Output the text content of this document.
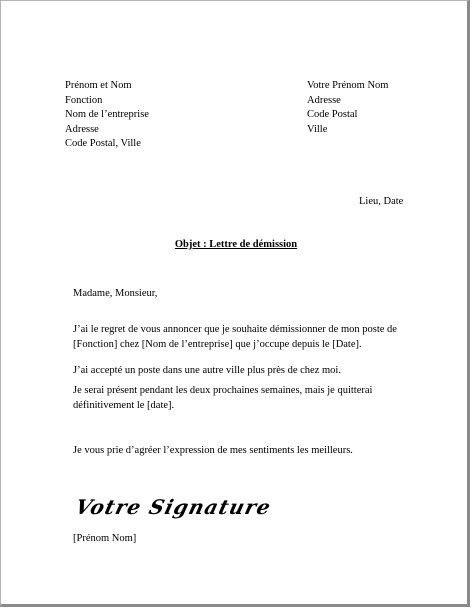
Prénom et Nom
Fonction
Nom de l’entreprise
Adresse
Code Postal, Ville
Votre Prénom Nom
Adresse
Code Postal
Ville
Lieu, Date
Objet : Lettre de démission
Madame, Monsieur,
J’ai le regret de vous annoncer que je souhaite démissionner de mon poste de
[Fonction] chez [Nom de l’entreprise] que j’occupe depuis le [Date].
J’ai accepté un poste dans une autre ville plus près de chez moi.
Je serai présent pendant les deux prochaines semaines, mais je quitterai
définitivement le [date].
Je vous prie d’agréer l’expression de mes sentiments les meilleurs.
Votre Signature
[Prénom Nom]
